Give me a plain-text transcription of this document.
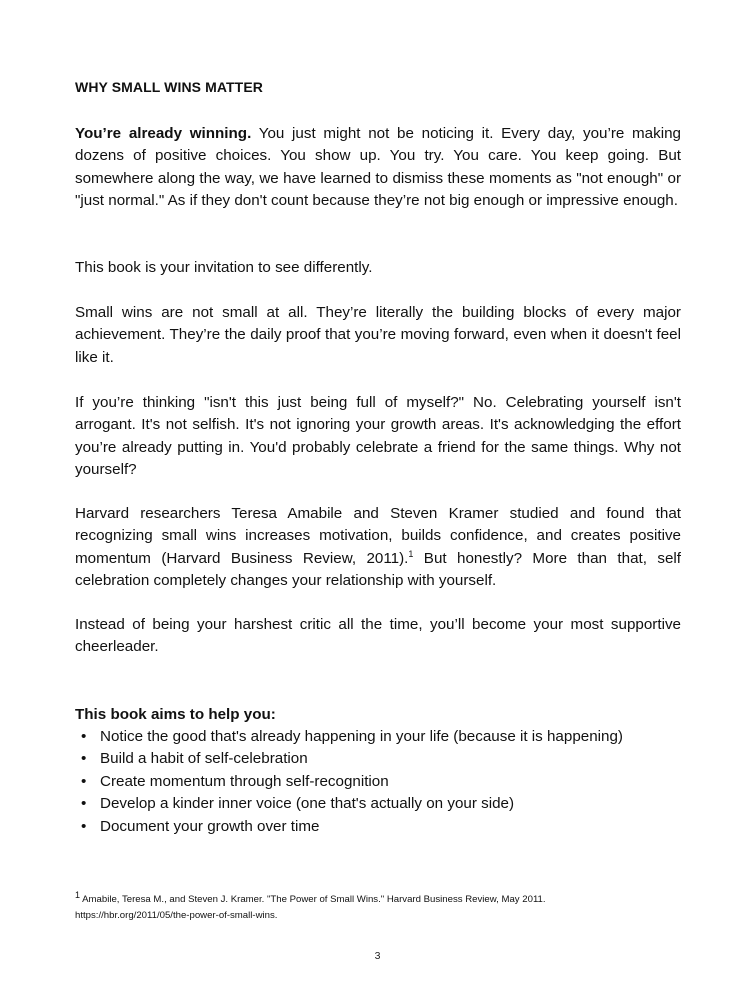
WHY SMALL WINS MATTER

You’re already winning. You just might not be noticing it. Every day, you’re making dozens of positive choices. You show up. You try. You care. You keep going. But somewhere along the way, we have learned to dismiss these moments as "not enough" or "just normal." As if they don't count because they’re not big enough or impressive enough.

This book is your invitation to see differently.

Small wins are not small at all. They’re literally the building blocks of every major achievement. They’re the daily proof that you’re moving forward, even when it doesn't feel like it.

If you’re thinking "isn't this just being full of myself?" No. Celebrating yourself isn't arrogant. It's not selfish. It's not ignoring your growth areas. It's acknowledging the effort you’re already putting in. You'd probably celebrate a friend for the same things. Why not yourself?

Harvard researchers Teresa Amabile and Steven Kramer studied and found that recognizing small wins increases motivation, builds confidence, and creates positive momentum (Harvard Business Review, 2011).$^1$ But honestly? More than that, self celebration completely changes your relationship with yourself.

Instead of being your harshest critic all the time, you’ll become your most supportive cheerleader.

This book aims to help you:
• Notice the good that's already happening in your life (because it is happening)
• Build a habit of self-celebration
• Create momentum through self-recognition
• Develop a kinder inner voice (one that's actually on your side)
• Document your growth over time
1 Amabile, Teresa M., and Steven J. Kramer. "The Power of Small Wins." Harvard Business Review, May 2011.
https://hbr.org/2011/05/the-power-of-small-wins.
3
